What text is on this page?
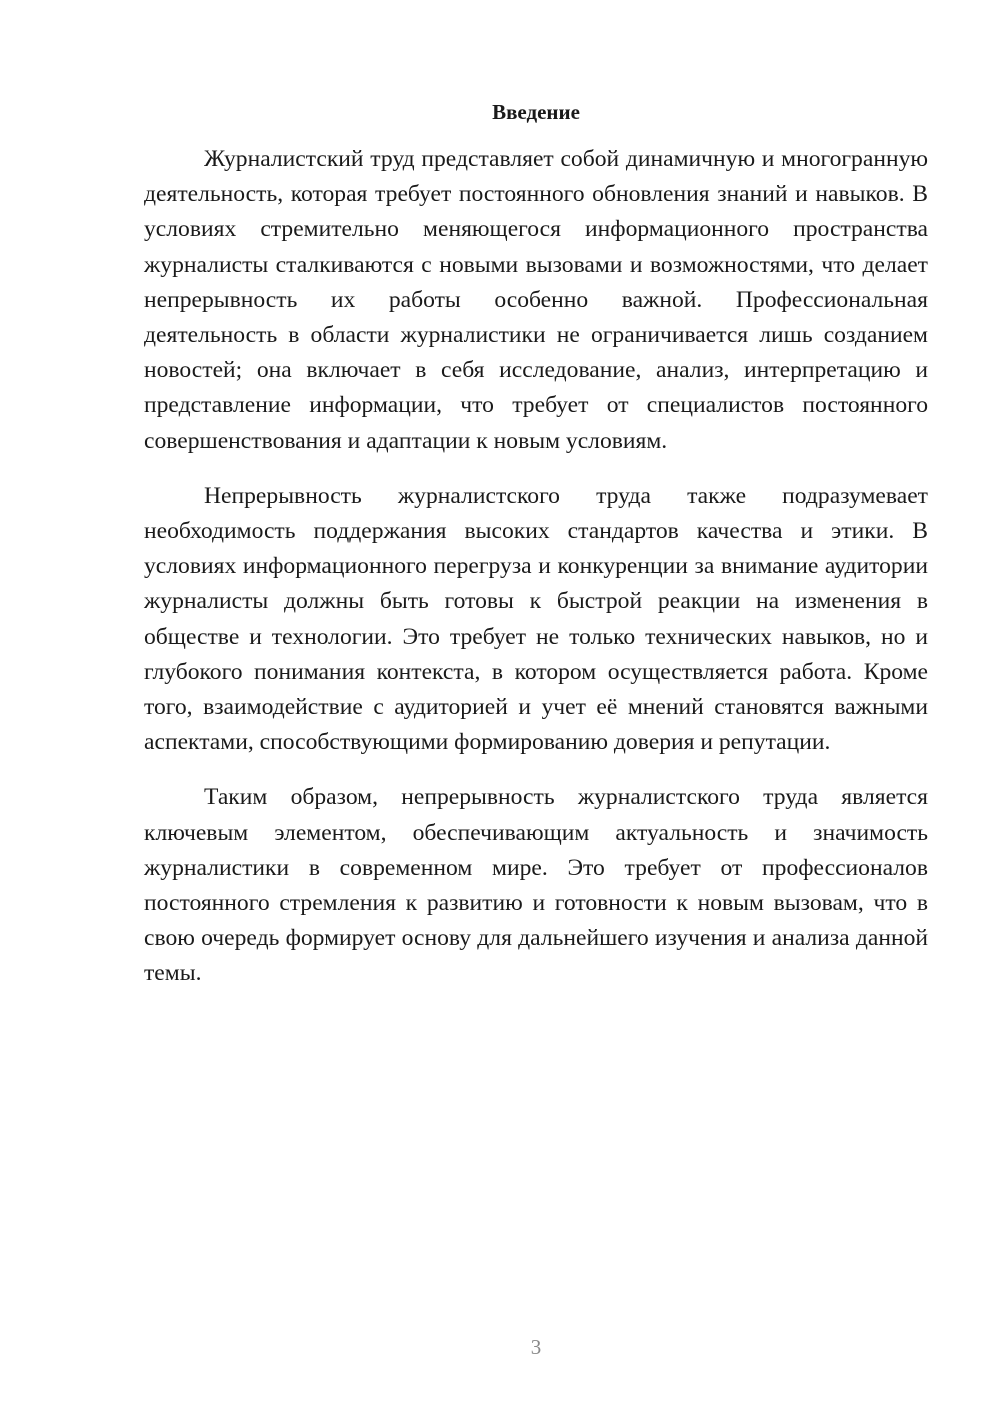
Введение

Журналистский труд представляет собой динамичную и многогранную деятельность, которая требует постоянного обновления знаний и навыков. В условиях стремительно меняющегося информационного пространства журналисты сталкиваются с новыми вызовами и возможностями, что делает непрерывность их работы особенно важной. Профессиональная деятельность в области журналистики не ограничивается лишь созданием новостей; она включает в себя исследование, анализ, интерпретацию и представление информации, что требует от специалистов постоянного совершенствования и адаптации к новым условиям.

Непрерывность журналистского труда также подразумевает необходимость поддержания высоких стандартов качества и этики. В условиях информационного перегруза и конкуренции за внимание аудитории журналисты должны быть готовы к быстрой реакции на изменения в обществе и технологии. Это требует не только технических навыков, но и глубокого понимания контекста, в котором осуществляется работа. Кроме того, взаимодействие с аудиторией и учет её мнений становятся важными аспектами, способствующими формированию доверия и репутации.

Таким образом, непрерывность журналистского труда является ключевым элементом, обеспечивающим актуальность и значимость журналистики в современном мире. Это требует от профессионалов постоянного стремления к развитию и готовности к новым вызовам, что в свою очередь формирует основу для дальнейшего изучения и анализа данной темы.

3
